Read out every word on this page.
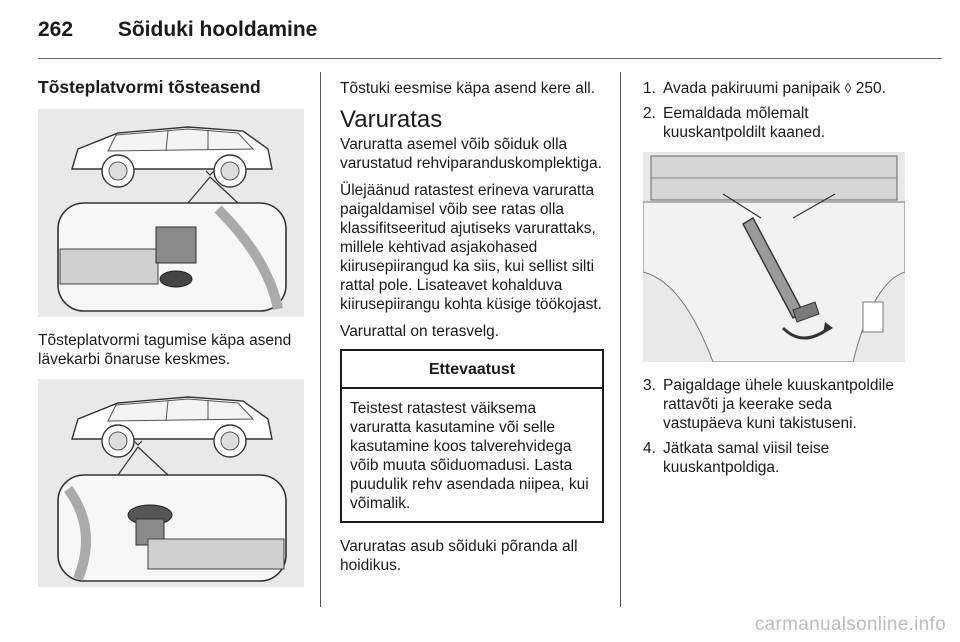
262 Sõiduki hooldamine
Tõsteplatvormi tõsteasend

Tõsteplatvormi tagumise käpa asend lävekarbi õnaruse keskmes.

Tõstuki eesmise käpa asend kere all.

Varuratas

Varuratta asemel võib sõiduk olla varustatud rehviparanduskomplektiga.

Ülejäänud ratastest erineva varuratta paigaldamisel võib see ratas olla klassifitseeritud ajutiseks varurattaks, millele kehtivad asjakohased kiirusepiirangud ka siis, kui sellist silti rattal pole. Lisateavet kohalduva kiirusepiirangu kohta küsige töökojast.

Varurattal on terasvelg.

Ettevaatust
Teistest ratastest väiksema varuratta kasutamine või selle kasutamine koos talverehvidega võib muuta sõiduomadusi. Lasta puudulik rehv asendada niipea, kui võimalik.

Varuratas asub sõiduki põranda all hoidikus.

1. Avada pakiruumi panipaik ◊ 250.
2. Eemaldada mõlemalt kuuskantpoldilt kaaned.
3. Paigaldage ühele kuuskantpoldile rattavõti ja keerake seda vastupäeva kuni takistuseni.
4. Jätkata samal viisil teise kuuskantpoldiga.
carmanualsonline.info
